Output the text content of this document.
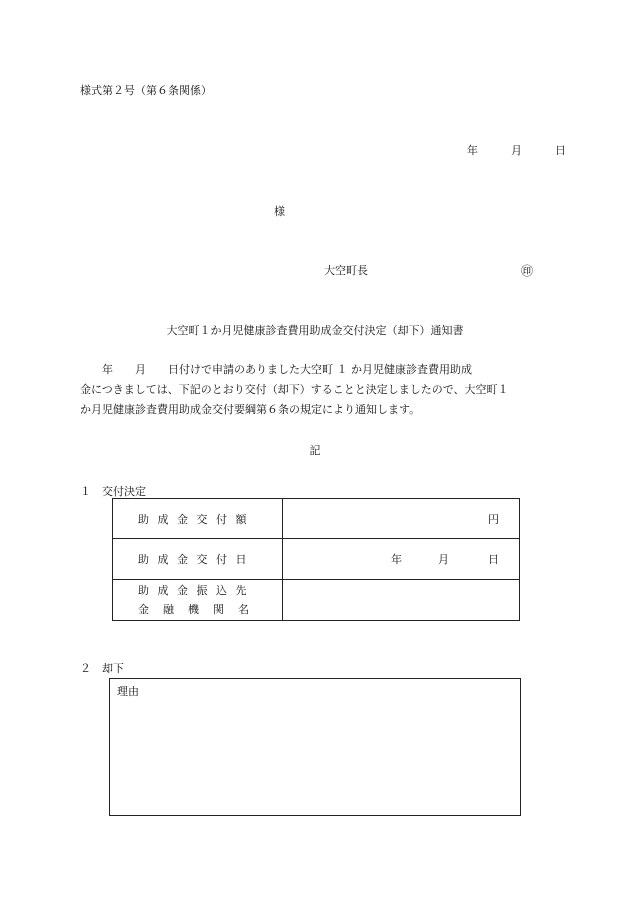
様式第２号（第６条関係）
年	月	日
様
大空町長	㊞
大空町１か月児健康診査費用助成金交付決定（却下）通知書

　　年　　月　　日付けで申請のありました大空町 １ か月児健康診査費用助成

金につきましては、下記のとおり交付（却下）することと決定しましたので、大空町１

か月児健康診査費用助成金交付要綱第６条の規定により通知します。

記
１ 交付決定
助成金交付額	円

助成金交付日	年 月 日

助成金振込先
金融機関名	

２ 却下
理由
